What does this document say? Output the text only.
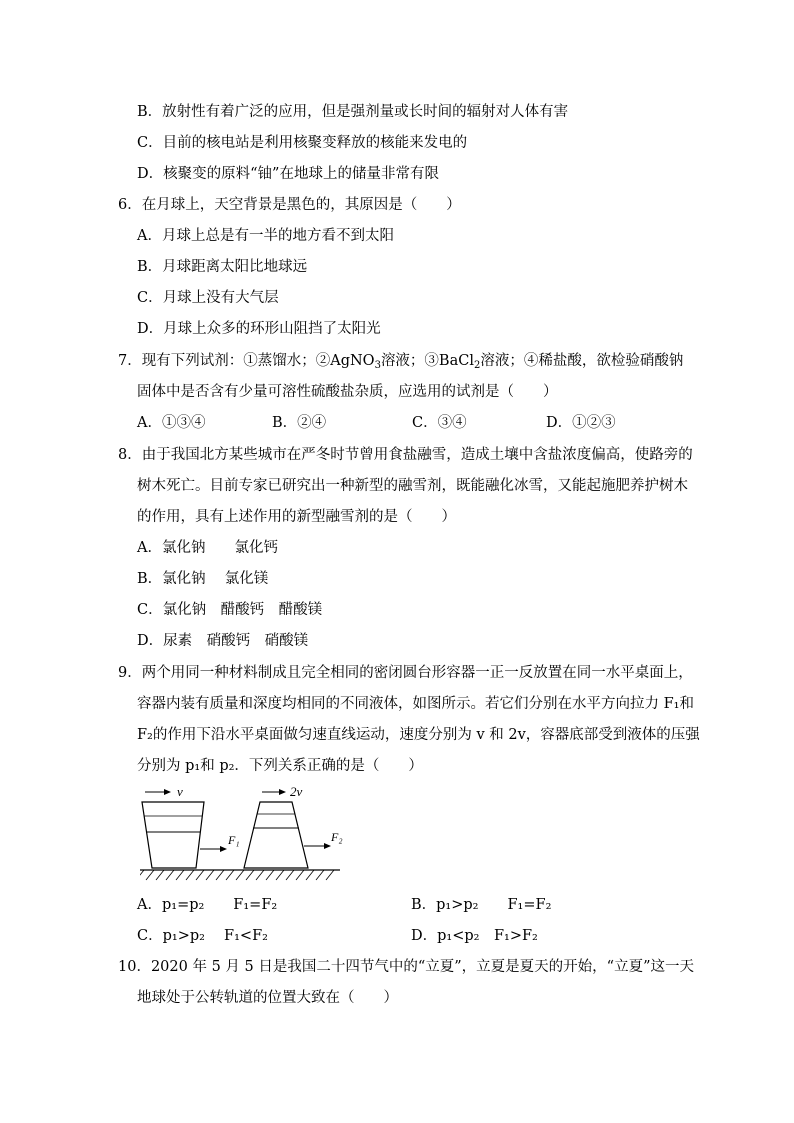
B．放射性有着广泛的应用，但是强剂量或长时间的辐射对人体有害
C．目前的核电站是利用核聚变释放的核能来发电的
D．核聚变的原料“铀”在地球上的储量非常有限
6．在月球上，天空背景是黑色的，其原因是（　　）
A．月球上总是有一半的地方看不到太阳
B．月球距离太阳比地球远
C．月球上没有大气层
D．月球上众多的环形山阻挡了太阳光
7．现有下列试剂：①蒸馏水；②AgNO$_3$溶液；③BaCl$_2$溶液；④稀盐酸，欲检验硝酸钠
固体中是否含有少量可溶性硫酸盐杂质，应选用的试剂是（　　）
A．①③④	B．②④	C．③④	D．①②③
8．由于我国北方某些城市在严冬时节曾用食盐融雪，造成土壤中含盐浓度偏高，使路旁的
树木死亡。目前专家已研究出一种新型的融雪剂，既能融化冰雪，又能起施肥养护树木
的作用，具有上述作用的新型融雪剂的是（　　）
A．氯化钠　　氯化钙
B．氯化钠　 氯化镁
C．氯化钠　醋酸钙　醋酸镁
D．尿素　硝酸钙　硝酸镁
9．两个用同一种材料制成且完全相同的密闭圆台形容器一正一反放置在同一水平桌面上，
容器内装有质量和深度均相同的不同液体，如图所示。若它们分别在水平方向拉力 F₁和
F₂的作用下沿水平桌面做匀速直线运动，速度分别为 v 和 2v，容器底部受到液体的压强
分别为 p₁和 p₂．下列关系正确的是（　　）
v	2v
F₁	F₂
A．p₁=p₂　　F₁=F₂	B．p₁>p₂　　F₁=F₂
C．p₁>p₂　 F₁<F₂	D．p₁<p₂　F₁>F₂
10．2020 年 5 月 5 日是我国二十四节气中的“立夏”，立夏是夏天的开始，“立夏”这一天
地球处于公转轨道的位置大致在（　　）
